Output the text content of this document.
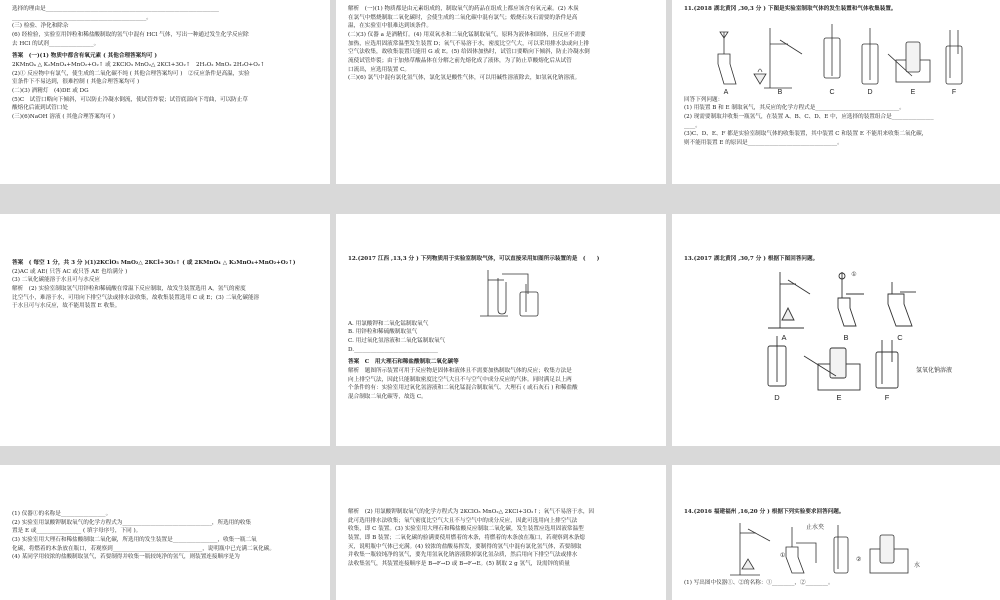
选择的理由是______________________________________________________________
________________________________________________。
(三) 检验、净化和除杂
(6) 经检验，实验室用锌粒和稀盐酸制取的氢气中混有 HCl 气体，写出一种通过发生化学反应除
去 HCl 的试剂________________。
答案　(一)(1) 物质中都含有氧元素 ( 其他合理答案均可 )
2KMnO₄ △ K₂MnO₄+MnO₂+O₂↑ 或 2KClO₃ MnO₂△ 2KCl+3O₂↑　2H₂O₂ MnO₂ 2H₂O+O₂↑
(2)① 反应物中有氯气，使生成的二氧化碳不纯 ( 其他合理答案均可 )　②反应条件是高温，实验
室条件下不易达到，很难控制 ( 其他合理答案均可 )
(二)(3) 酒精灯　(4)DE 或 DG
(5)C　试管口略向下倾斜，可以防止冷凝水倒流，使试管炸裂；试管底部向下弯曲，可以防止草
酸熔化后流到试管口处
(三)(6)NaOH 溶液 ( 其他合理答案均可 )
解析　(一)(1) 物质都是由元素组成的，制取氧气的药品在组成上都应该含有氧元素。(2) 木炭
在氯气中燃烧制取二氧化碳时，会使生成的二氧化碳中混有氯气；煅烧石灰石需要的条件是高
温，在实验室中很难达到该条件。
(二)(3) 仪器 a 是酒精灯。(4) 用双氧水和二氧化锰制取氧气，原料为液体和固体，且反应不需要
加热，应选用固液常温型发生装置 D；氧气不易溶于水，密度比空气大，可以采用排水法或向上排
空气法收集，故收集装置只能用 G 或 E。(5) 给固体加热时，试管口要略向下倾斜，防止冷凝水倒
流使试管炸裂；由于加热草酸晶体在分解之前先熔化成了液体，为了防止草酸熔化后从试管
口流出，应选用装置 C。
(三)(6) 氯气中混有氯化氢气体，氯化氢是酸性气体，可以用碱性溶液除去，如氢氧化钠溶液。
11.(2018 湖北黄冈 ,30,3 分 ) 下图是实验室制取气体的发生装置和气体收集装置。
A	B	C	D	E	F
回答下列问题：
(1) 用装置 B 和 E 制取氧气，其反应的化学方程式是______________________________。
(2) 现需要制取并收集一瓶氢气，在装置 A、B、C、D、E 中，应选择的装置组合是_______________
____。
(3)C、D、E、F 都是实验室制取气体的收集装置，其中装置 C 和装置 E 不能用来收集二氧化碳，
则不能用装置 E 的原因是________________________________。
答案　( 每空 1 分，共 3 分 )(1)2KClO₃ MnO₂△ 2KCl+3O₂↑ ( 或 2KMnO₄ △ K₂MnO₄+MnO₂+O₂↑)
(2)AC 或 AE( 只答 AC 或只答 AE 也给满分 )
(3) 二氧化碳能溶于水且可与水反应
解析　(2) 实验室制取氢气用锌粒和稀硫酸在常温下反应制取，故发生装置选用 A，氢气的密度
比空气小，难溶于水，可用向下排空气法或排水法收集，故收集装置选用 C 或 E；(3) 二氧化碳能溶
于水且可与水反应，故不能用装置 E 收集。
12.(2017 江西 ,13,3 分 ) 下列物质用于实验室制取气体，可以直接采用如图所示装置的是　(　　)
A. 用氯酸钾和二氧化锰制取氧气
B. 用锌粒和稀硫酸制取氢气
C. 用过氧化氢溶液和二氧化锰制取氧气
D.______________________________
答案　C　用大理石和稀盐酸制取二氧化碳等
解析　题图所示装置可用于反应物是固体和液体且不需要加热制取气体的反应；收集方法是
向上排空气法，因此只能制取密度比空气大且不与空气中成分反应的气体。同时满足以上两
个条件的有：实验室用过氧化氢溶液和二氧化锰混合制取氧气、大理石 ( 或石灰石 ) 和稀盐酸
混合制取二氧化碳等，故选 C。
13.(2017 湖北黄冈 ,30,7 分 ) 根据下图回答问题。
A	B	C
D	E	F
①
氢氧化钠溶液
(1) 仪器①的名称是________________。
(2) 实验室用氯酸钾制取氧气的化学方程式为________________________________，所选用的收集
置是 E 或________________ ( 填字母序号，下同 )。
(3) 实验室用大理石和稀盐酸制取二氧化碳，所选用的发生装置是________________，收集一瓶二氧
化碳，将燃着的木条放在瓶口，若观察到________________________________，说明瓶中已充满二氧化碳。
(4) 某同学用较浓的盐酸制取氢气，若要制得并收集一瓶较纯净的氢气，则装置连接顺序是为
解析　(2) 用氯酸钾制取氧气的化学方程式为 2KClO₃ MnO₂△ 2KCl+3O₂↑；氧气不易溶于水，因
此可选用排水法收集；氧气密度比空气大且不与空气中的成分反应，因此可选用向上排空气法
收集，即 C 装置。(3) 实验室用大理石和稀盐酸反应制取二氧化碳，发生装置应选用固液常温型
装置，即 B 装置；二氧化碳的验满要使用燃着的木条，将燃着的木条放在瓶口，若观察到木条熄
灭，说明瓶中气体已充满。(4) 较浓的盐酸易挥发，要制得的氢气中混有氯化氢气体，若要制取
并收集一瓶较纯净的氢气，要先用氢氧化钠溶液除掉氯化氢杂质，然后用向下排空气法或排水
法收集氢气，其装置连接顺序是 B→F→D 或 B→F→E。(5) 制取 2 g 氢气，设需锌的质量
14.(2016 福建福州 ,16,20 分 ) 根据下列实验要求回答问题。
止水夹
①
②
水
(1) 写出图中仪器①、②的名称：①________，②________。
